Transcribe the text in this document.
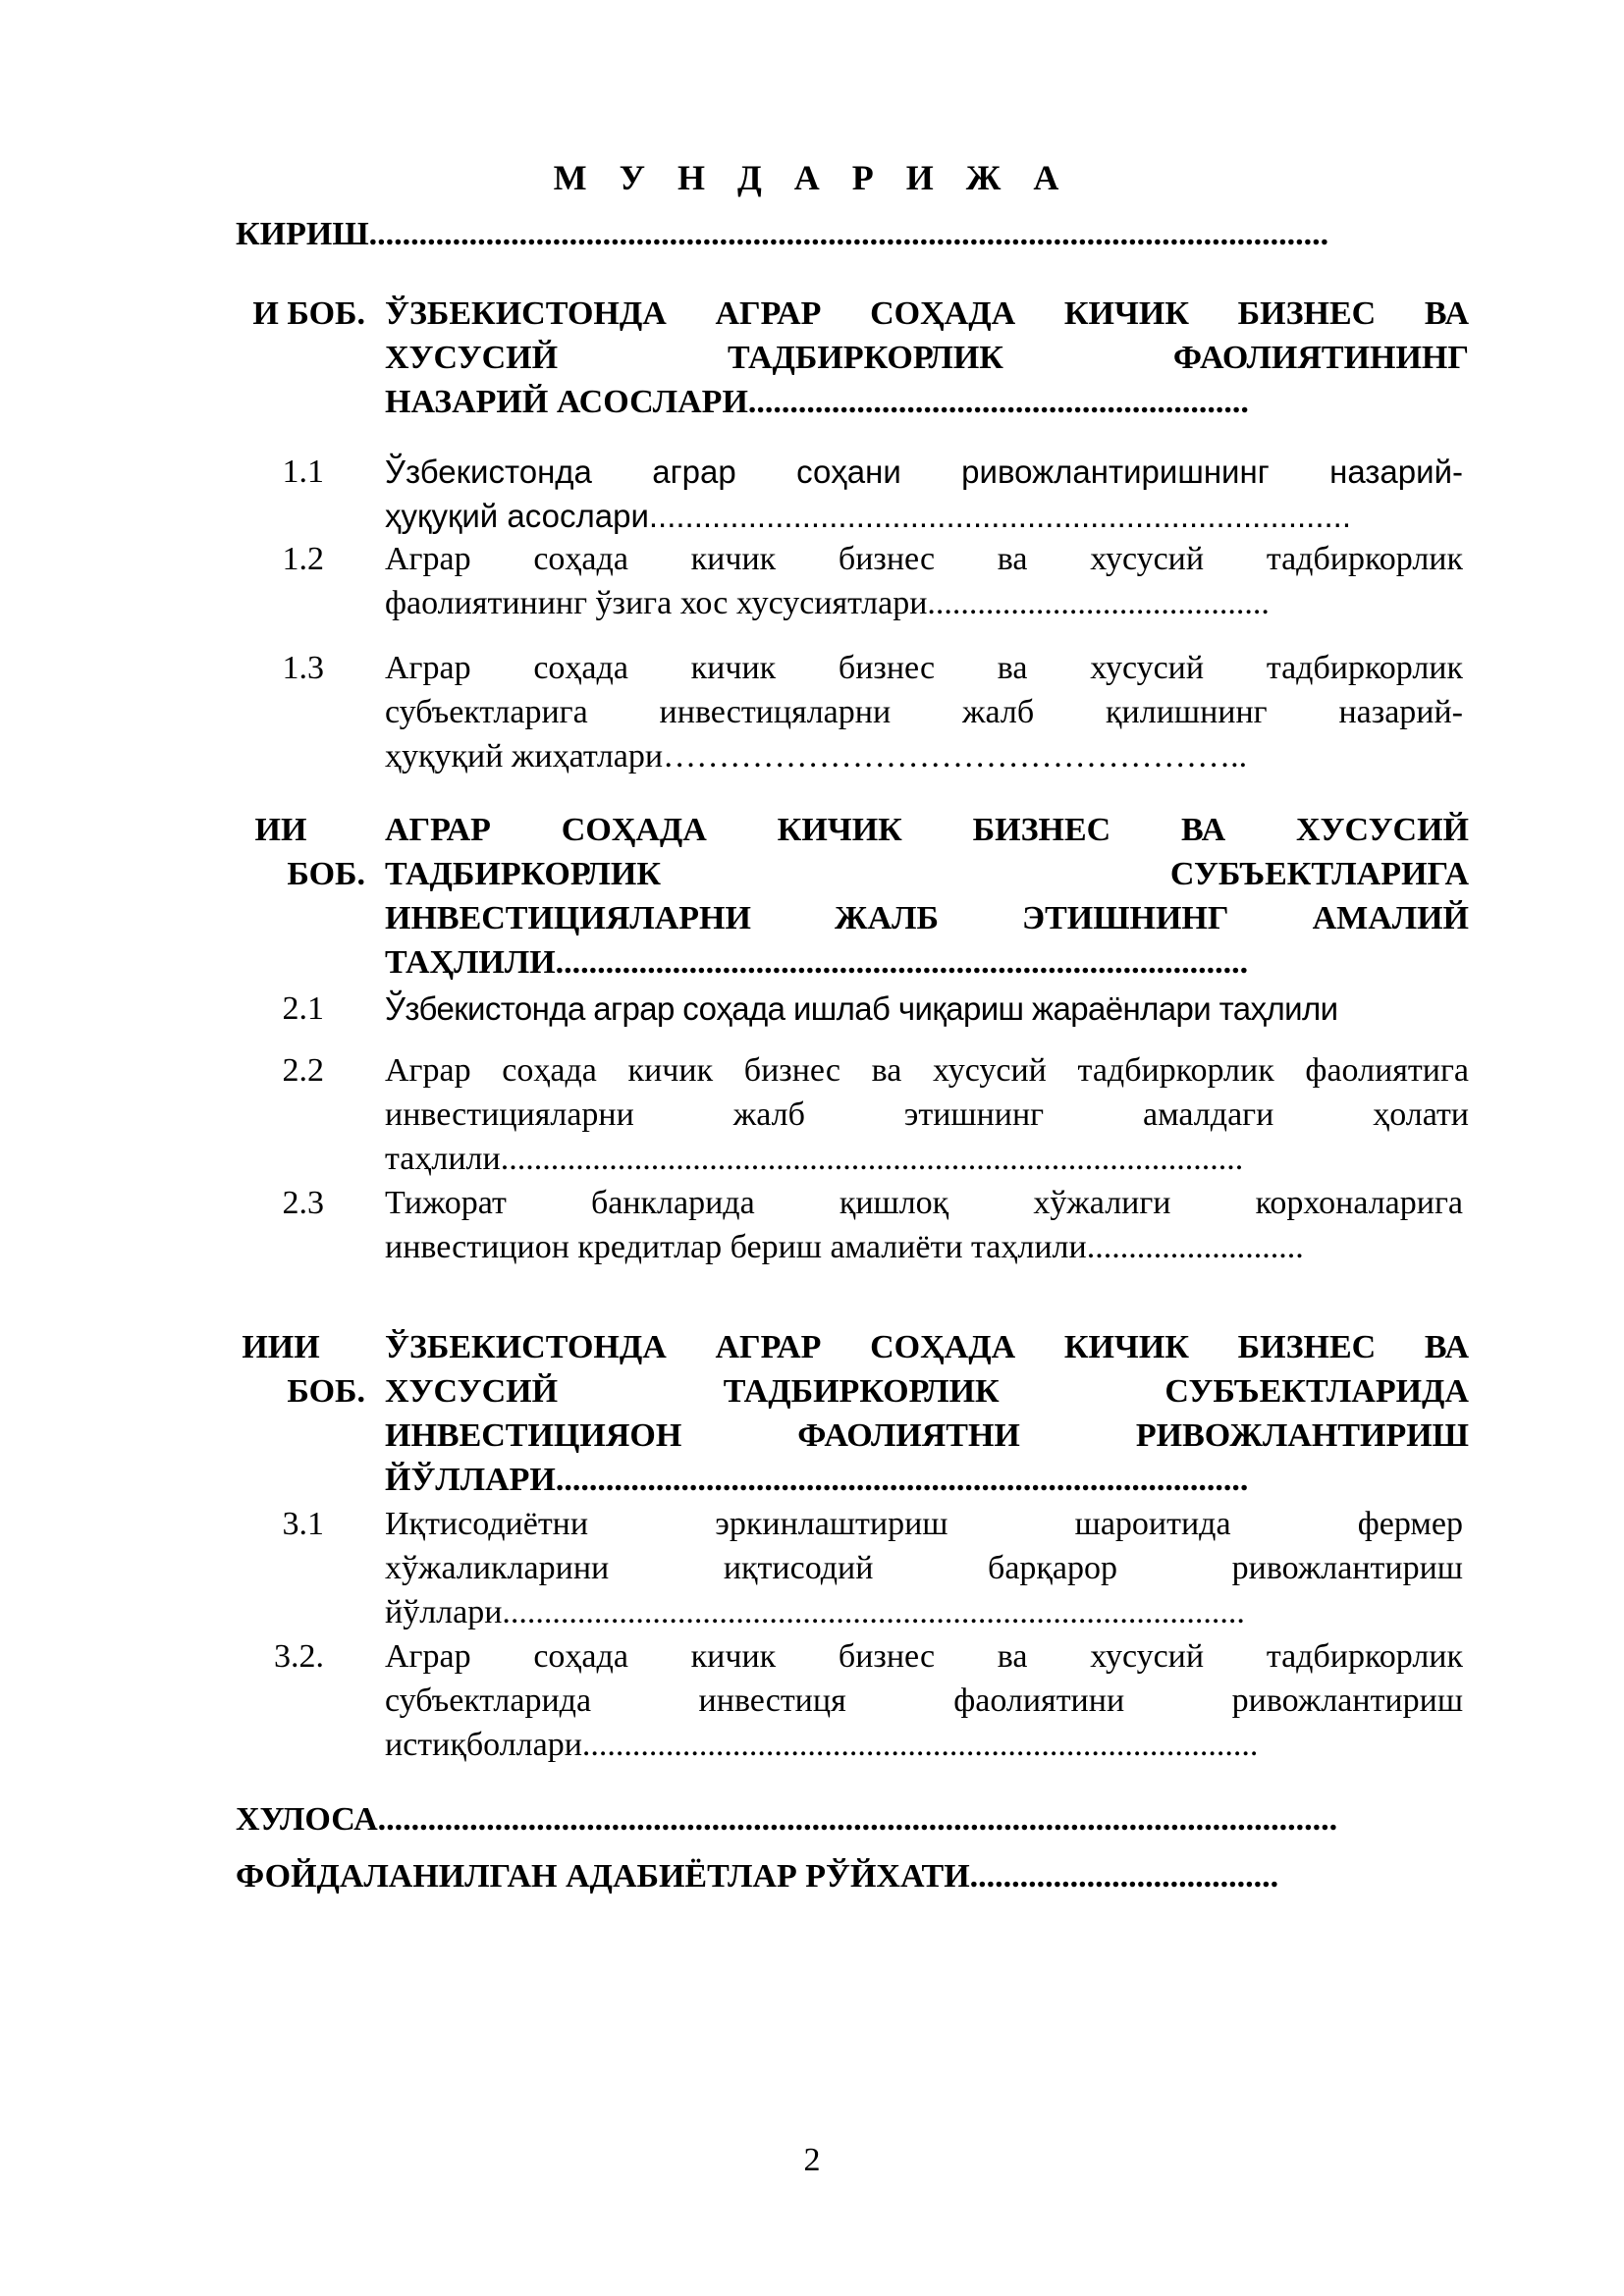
М У Н Д А Р И Ж А
КИРИШ...................................................................................................................
И БОБ. ЎЗБЕКИСТОНДА АГРАР СОҲАДА КИЧИК БИЗНЕС ВА
ХУСУСИЙ ТАДБИРКОРЛИК ФАОЛИЯТИНИНГ
НАЗАРИЙ АСОСЛАРИ............................................................
1.1 Ўзбекистонда аграр соҳани ривожлантиришнинг назарий-
ҳуқуқий асослари..............................................................................
1.2 Аграр соҳада кичик бизнес ва хусусий тадбиркорлик
фаолиятининг ўзига хос хусусиятлари.........................................
1.3 Аграр соҳада кичик бизнес ва хусусий тадбиркорлик
субъектларига инвестицяларни жалб қилишнинг назарий-
ҳуқуқий жиҳатлари……………………………………………..
ИИ
БОБ.
АГРАР СОҲАДА КИЧИК БИЗНЕС ВА ХУСУСИЙ
ТАДБИРКОРЛИК СУБЪЕКТЛАРИГА
ИНВЕСТИЦИЯЛАРНИ ЖАЛБ ЭТИШНИНГ АМАЛИЙ
ТАҲЛИЛИ...................................................................................
2.1 Ўзбекистонда аграр соҳада ишлаб чиқариш жараёнлари таҳлили
2.2 Аграр соҳада кичик бизнес ва хусусий тадбиркорлик фаолиятига
инвестицияларни жалб этишнинг амалдаги ҳолати
таҳлили.........................................................................................
2.3 Тижорат банкларида қишлоқ хўжалиги корхоналарига
инвестицион кредитлар бериш амалиёти таҳлили..........................
ИИИ
БОБ.
ЎЗБЕКИСТОНДА АГРАР СОҲАДА КИЧИК БИЗНЕС ВА
ХУСУСИЙ ТАДБИРКОРЛИК СУБЪЕКТЛАРИДА
ИНВЕСТИЦИЯОН ФАОЛИЯТНИ РИВОЖЛАНТИРИШ
ЙЎЛЛАРИ...................................................................................
3.1 Иқтисодиётни эркинлаштириш шароитида фермер
хўжаликларини иқтисодий барқарор ривожлантириш
йўллари.........................................................................................
3.2. Аграр соҳада кичик бизнес ва хусусий тадбиркорлик
субъектларида инвестиця фаолиятини ривожлантириш
истиқболлари.................................................................................
ХУЛОСА...................................................................................................................
ФОЙДАЛАНИЛГАН АДАБИЁТЛАР РЎЙХАТИ.....................................
2
